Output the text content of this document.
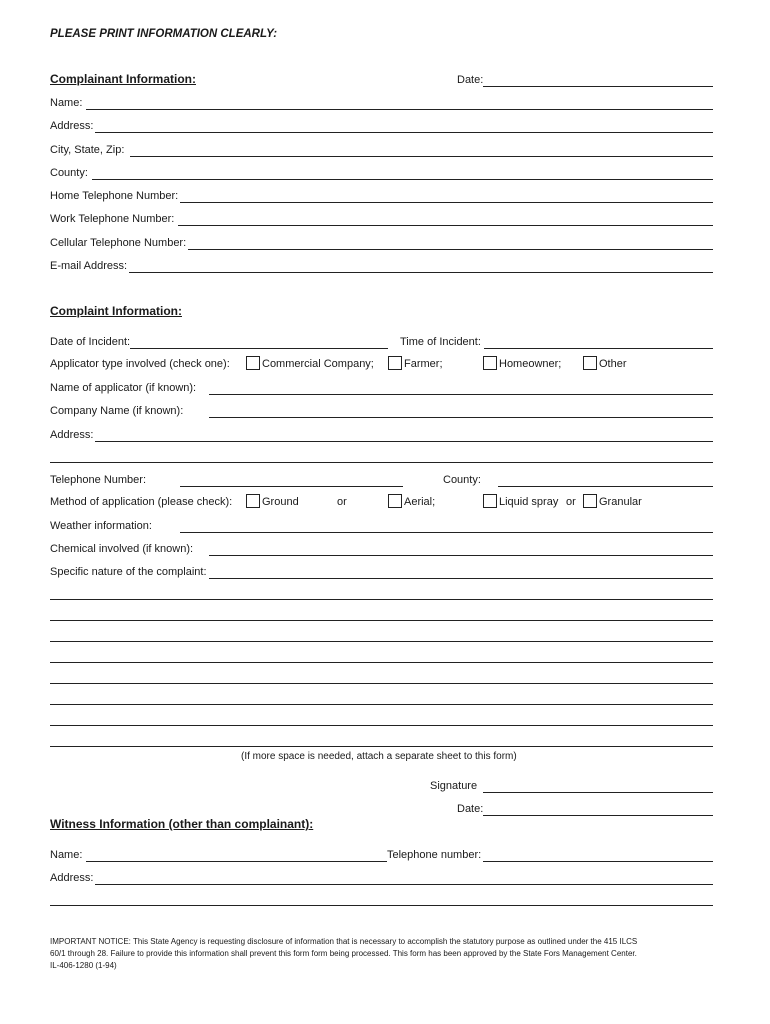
PLEASE PRINT INFORMATION CLEARLY:
Complainant Information:	Date:
Name:
Address:
City, State, Zip:
County:
Home Telephone Number:
Work Telephone Number:
Cellular Telephone Number:
E-mail Address:
Complaint Information:
Date of Incident:	Time of Incident:
Applicator type involved (check one):	Commercial Company;	Farmer;	Homeowner;	Other
Name of applicator (if known):
Company Name (if known):
Address:
Telephone Number:	County:
Method of application (please check):	Ground	or	Aerial;	Liquid spray or Granular
Weather information:
Chemical involved (if known):
Specific nature of the complaint:
(If more space is needed, attach a separate sheet to this form)
Signature
Date:
Witness Information (other than complainant):
Name:	Telephone number:
Address:
IMPORTANT NOTICE: This State Agency is requesting disclosure of information that is necessary to accomplish the statutory purpose as outlined under the 415 ILCS
60/1 through 28. Failure to provide this information shall prevent this form form being processed. This form has been approved by the State Fors Management Center.
IL-406-1280 (1-94)
